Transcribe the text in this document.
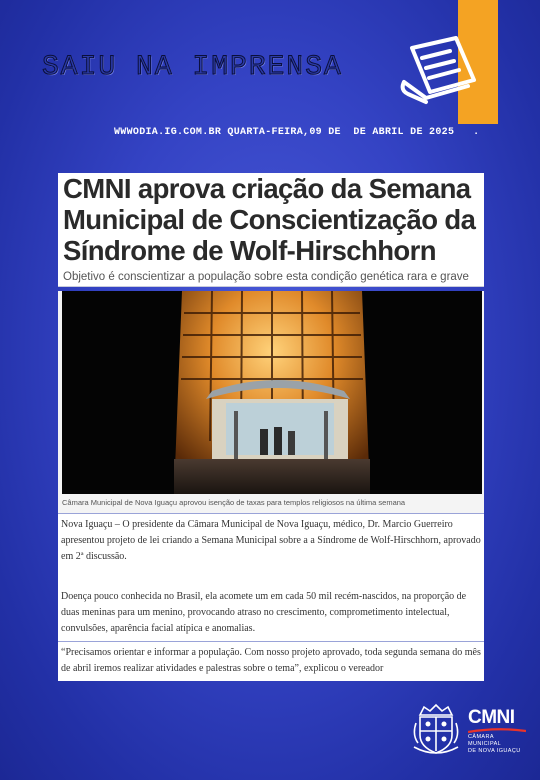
SAIU NA IMPRENSA

WWWODIA.IG.COM.BR QUARTA-FEIRA,09 DE  DE ABRIL DE 2025   .

CMNI aprova criação da Semana Municipal de Conscientização da Síndrome de Wolf-Hirschhorn

Objetivo é conscientizar a população sobre esta condição genética rara e grave

Câmara Municipal de Nova Iguaçu aprovou isenção de taxas para templos religiosos na última semana

Nova Iguaçu – O presidente da Câmara Municipal de Nova Iguaçu, médico, Dr. Marcio Guerreiro apresentou projeto de lei criando a Semana Municipal sobre a a Síndrome de Wolf-Hirschhorn, aprovado em 2ª discussão.

Doença pouco conhecida no Brasil, ela acomete um em cada 50 mil recém-nascidos, na proporção de duas meninas para um menino, provocando atraso no crescimento, comprometimento intelectual, convulsões, aparência facial atípica e anomalias.

“Precisamos orientar e informar a população. Com nosso projeto aprovado, toda segunda semana do mês de abril iremos realizar atividades e palestras sobre o tema”, explicou o vereador

CMNI
CÂMARA MUNICIPAL
DE NOVA IGUAÇU
